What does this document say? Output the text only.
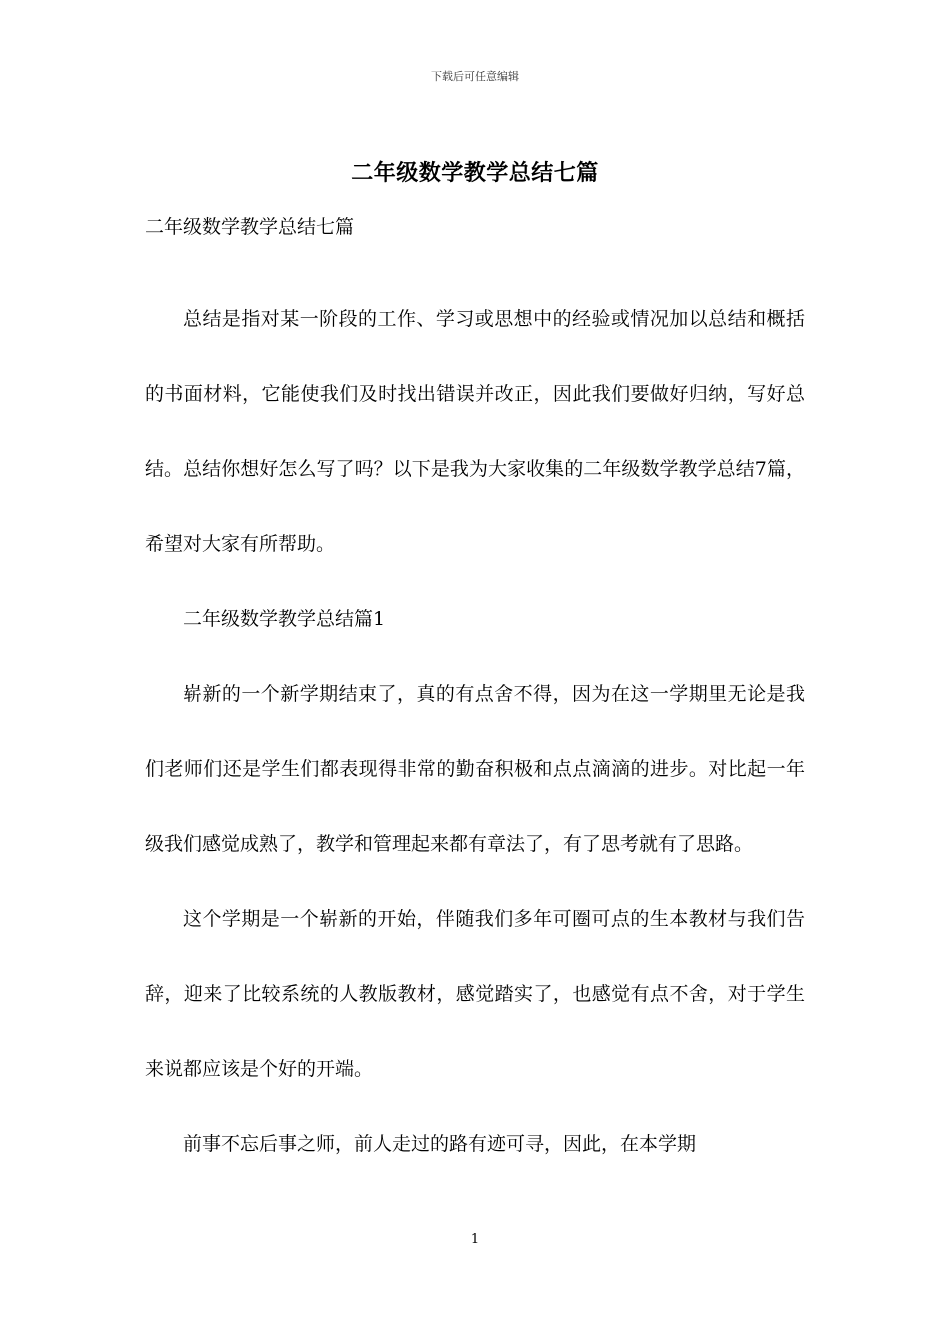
下载后可任意编辑
二年级数学教学总结七篇
二年级数学教学总结七篇

总结是指对某一阶段的工作、学习或思想中的经验或情况加以总结和概括的书面材料，它能使我们及时找出错误并改正，因此我们要做好归纳，写好总结。总结你想好怎么写了吗？以下是我为大家收集的二年级数学教学总结7篇，希望对大家有所帮助。

二年级数学教学总结篇1

崭新的一个新学期结束了，真的有点舍不得，因为在这一学期里无论是我们老师们还是学生们都表现得非常的勤奋积极和点点滴滴的进步。对比起一年级我们感觉成熟了，教学和管理起来都有章法了，有了思考就有了思路。

这个学期是一个崭新的开始，伴随我们多年可圈可点的生本教材与我们告辞，迎来了比较系统的人教版教材，感觉踏实了，也感觉有点不舍，对于学生来说都应该是个好的开端。

前事不忘后事之师，前人走过的路有迹可寻，因此，在本学期

1
